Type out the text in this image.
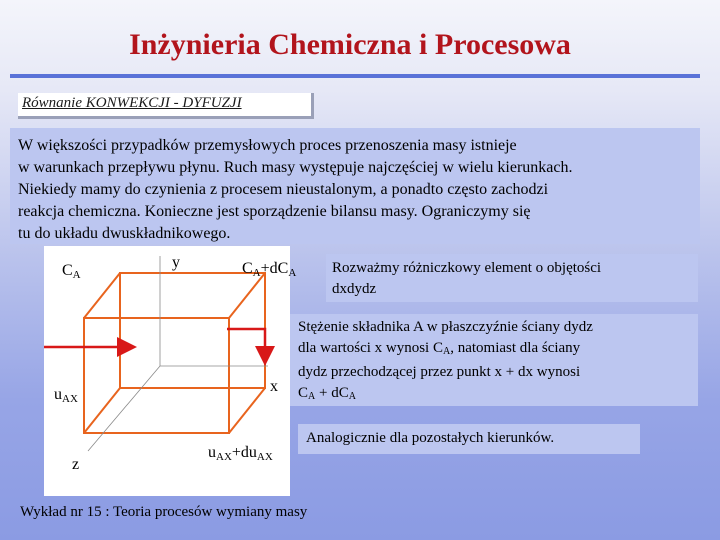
Inżynieria Chemiczna i Procesowa
Równanie KONWEKCJI - DYFUZJI
W większości przypadków przemysłowych proces przenoszenia masy istnieje
w warunkach przepływu płynu. Ruch masy występuje najczęściej w wielu kierunkach.
Niekiedy mamy do czynienia z procesem nieustalonym, a ponadto często zachodzi
reakcja chemiczna. Konieczne jest sporządzenie bilansu masy. Ograniczymy się
tu do układu dwuskładnikowego.
$C_A$
y	$C_A+dC_A$
x
$u_{AX}$
z
$u_{AX}+du_{AX}$
Rozważmy różniczkowy element o objętości
dxdydz
Stężenie składnika A w płaszczyźnie ściany dydz
dla wartości x wynosi $C_A$, natomiast dla ściany
dydz przechodzącej przez punkt x + dx wynosi
$C_A + dC_A$
Analogicznie dla pozostałych kierunków.
Wykład nr 15 : Teoria procesów wymiany masy
